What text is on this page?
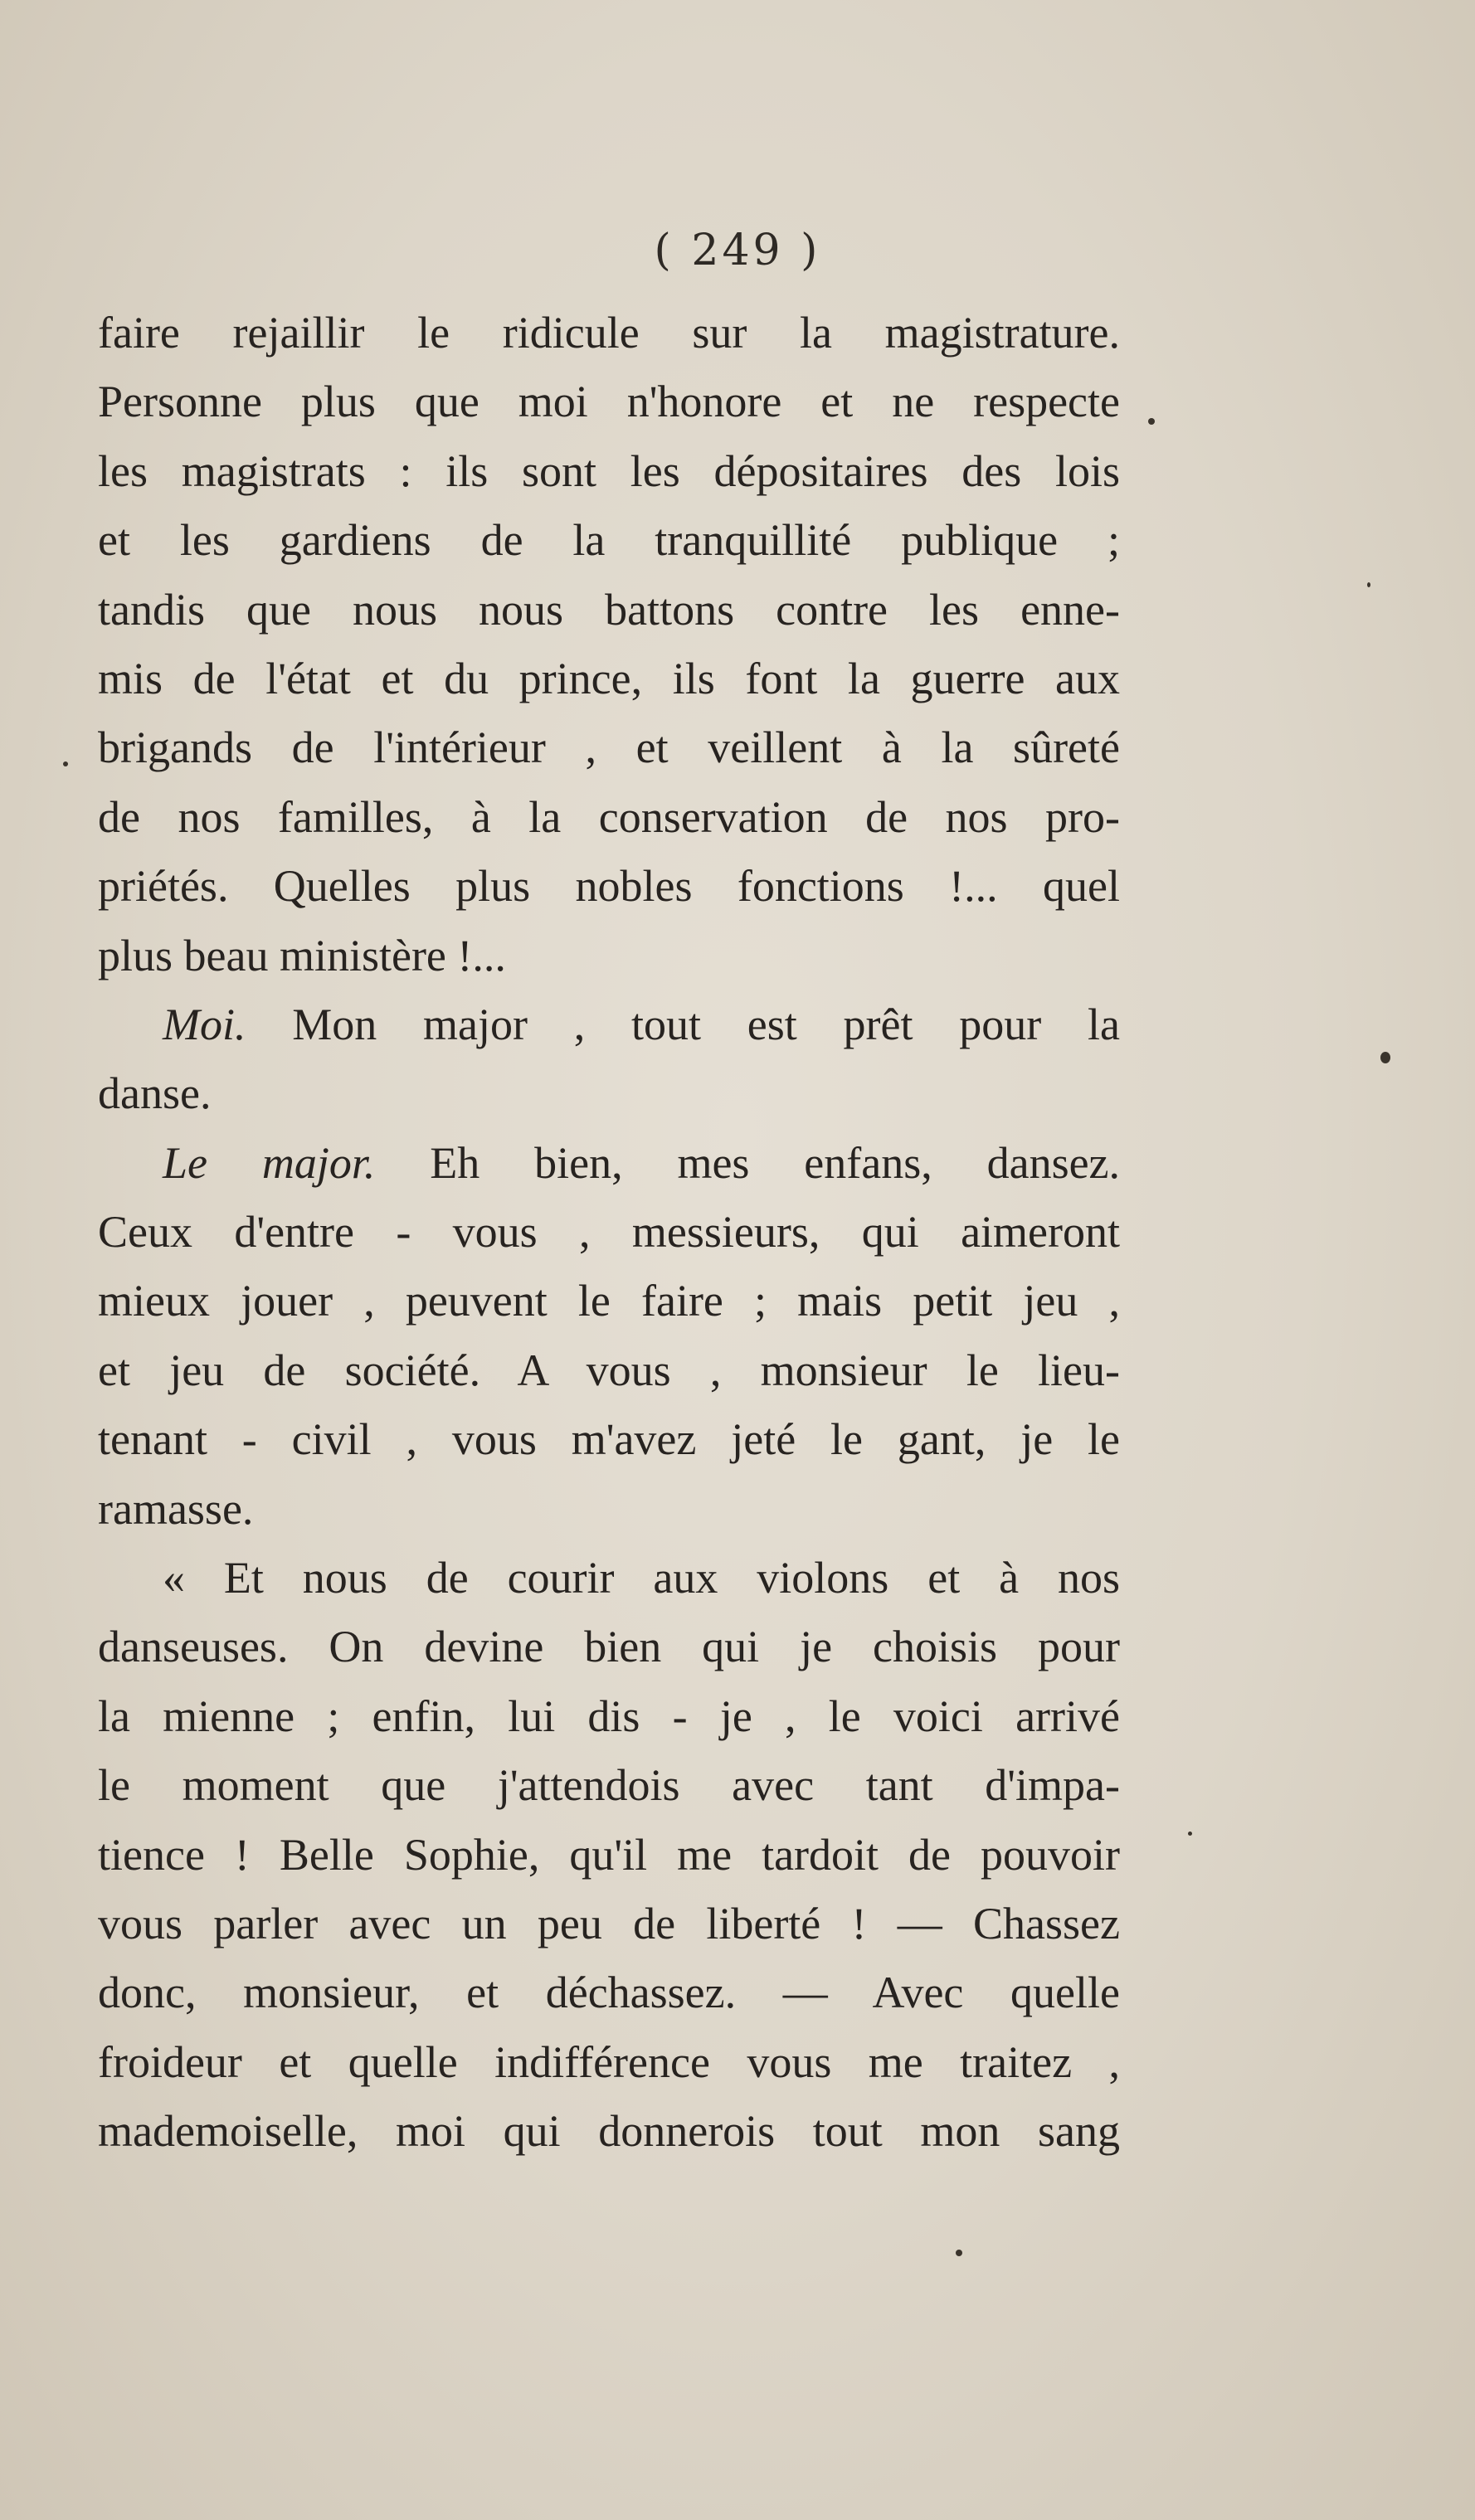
( 249 )
faire rejaillir le ridicule sur la magistrature.
Personne plus que moi n'honore et ne respecte
les magistrats : ils sont les dépositaires des lois
et les gardiens de la tranquillité publique ;
tandis que nous nous battons contre les enne-
mis de l'état et du prince, ils font la guerre aux
brigands de l'intérieur , et veillent à la sûreté
de nos familles, à la conservation de nos pro-
priétés. Quelles plus nobles fonctions !... quel
plus beau ministère !...
Moi. Mon major , tout est prêt pour la
danse.
Le major. Eh bien, mes enfans, dansez.
Ceux d'entre - vous , messieurs, qui aimeront
mieux jouer , peuvent le faire ; mais petit jeu ,
et jeu de société. A vous , monsieur le lieu-
tenant - civil , vous m'avez jeté le gant, je le
ramasse.
« Et nous de courir aux violons et à nos
danseuses. On devine bien qui je choisis pour
la mienne ; enfin, lui dis - je , le voici arrivé
le moment que j'attendois avec tant d'impa-
tience ! Belle Sophie, qu'il me tardoit de pouvoir
vous parler avec un peu de liberté ! — Chassez
donc, monsieur, et déchassez. — Avec quelle
froideur et quelle indifférence vous me traitez ,
mademoiselle, moi qui donnerois tout mon sang
